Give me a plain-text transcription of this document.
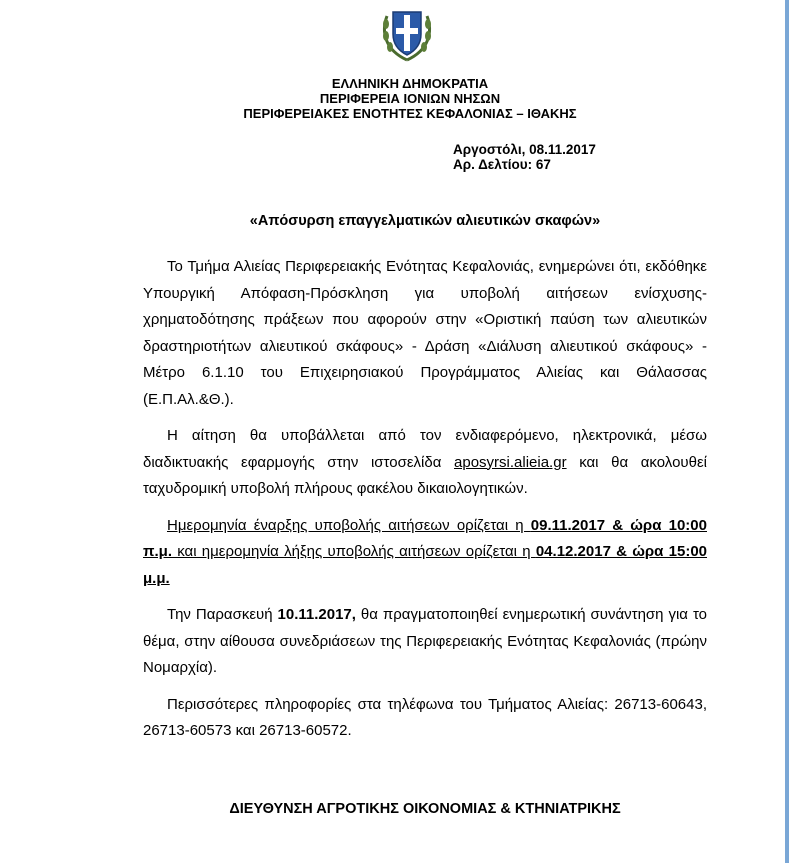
ΕΛΛΗΝΙΚΗ ΔΗΜΟΚΡΑΤΙΑ
ΠΕΡΙΦΕΡΕΙΑ ΙΟΝΙΩΝ ΝΗΣΩΝ
ΠΕΡΙΦΕΡΕΙΑΚΕΣ ΕΝΟΤΗΤΕΣ ΚΕΦΑΛΟΝΙΑΣ – ΙΘΑΚΗΣ
Αργοστόλι, 08.11.2017
Αρ. Δελτίου: 67
«Απόσυρση επαγγελματικών αλιευτικών σκαφών»

Το Τμήμα Αλιείας Περιφερειακής Ενότητας Κεφαλονιάς, ενημερώνει ότι, εκδόθηκε Υπουργική Απόφαση-Πρόσκληση για υποβολή αιτήσεων ενίσχυσης-χρηματοδότησης πράξεων που αφορούν στην «Οριστική παύση των αλιευτικών δραστηριοτήτων αλιευτικού σκάφους» - Δράση «Διάλυση αλιευτικού σκάφους» - Μέτρο 6.1.10 του Επιχειρησιακού Προγράμματος Αλιείας και Θάλασσας (Ε.Π.Αλ.&Θ.).

Η αίτηση θα υποβάλλεται από τον ενδιαφερόμενο, ηλεκτρονικά, μέσω διαδικτυακής εφαρμογής στην ιστοσελίδα aposyrsi.alieia.gr και θα ακολουθεί ταχυδρομική υποβολή πλήρους φακέλου δικαιολογητικών.

Ημερομηνία έναρξης υποβολής αιτήσεων ορίζεται η 09.11.2017 & ώρα 10:00 π.μ. και ημερομηνία λήξης υποβολής αιτήσεων ορίζεται η 04.12.2017 & ώρα 15:00 μ.μ.

Την Παρασκευή 10.11.2017, θα πραγματοποιηθεί ενημερωτική συνάντηση για το θέμα, στην αίθουσα συνεδριάσεων της Περιφερειακής Ενότητας Κεφαλονιάς (πρώην Νομαρχία).

Περισσότερες πληροφορίες στα τηλέφωνα του Τμήματος Αλιείας: 26713-60643, 26713-60573 και 26713-60572.

ΔΙΕΥΘΥΝΣΗ ΑΓΡΟΤΙΚΗΣ ΟΙΚΟΝΟΜΙΑΣ & ΚΤΗΝΙΑΤΡΙΚΗΣ
